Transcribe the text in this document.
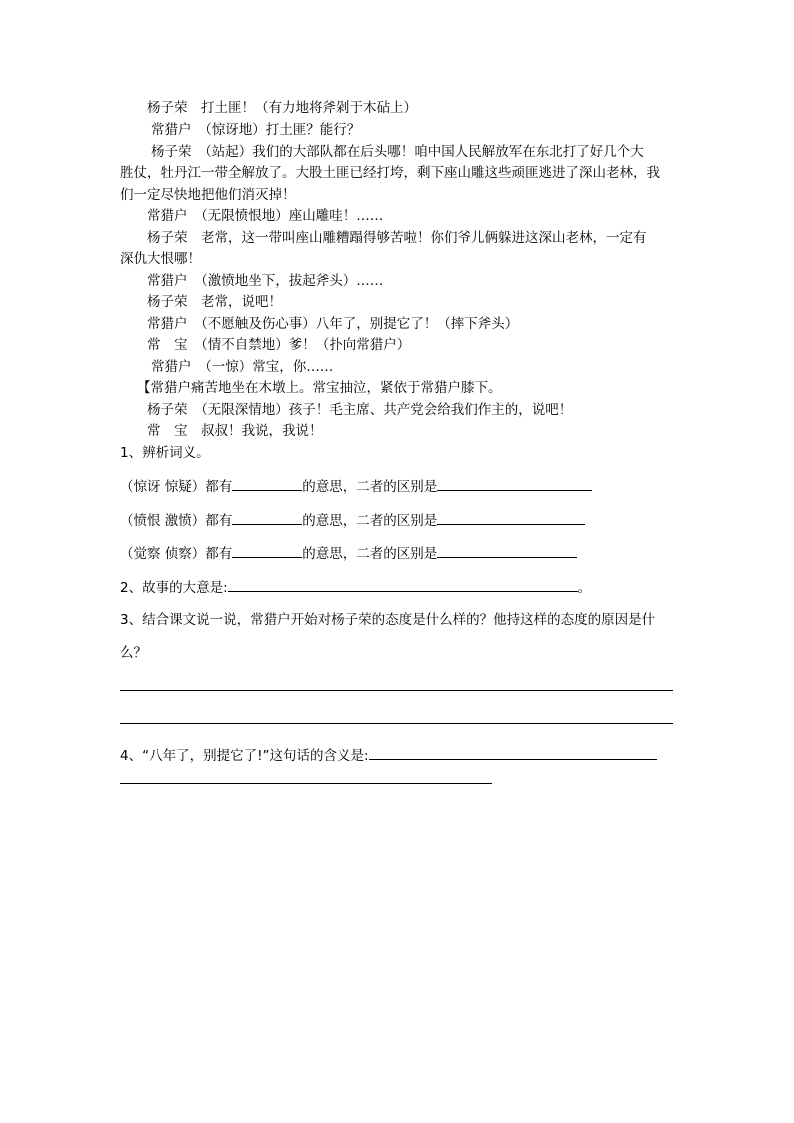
杨子荣　打土匪！（有力地将斧剁于木砧上）
常猎户　（惊讶地）打土匪？能行？
杨子荣　（站起）我们的大部队都在后头哪！咱中国人民解放军在东北打了好几个大
胜仗，牡丹江一带全解放了。大股土匪已经打垮，剩下座山雕这些顽匪逃进了深山老林，我
们一定尽快地把他们消灭掉！
常猎户　（无限愤恨地）座山雕哇！……
杨子荣　老常，这一带叫座山雕糟蹋得够苦啦！你们爷儿俩躲进这深山老林，一定有
深仇大恨哪！
常猎户　（激愤地坐下，拔起斧头）……
杨子荣　老常，说吧！
常猎户　（不愿触及伤心事）八年了，别提它了！（摔下斧头）
常　宝　（情不自禁地）爹！（扑向常猎户）
常猎户　（一惊）常宝，你……
【常猎户痛苦地坐在木墩上。常宝抽泣，紧依于常猎户膝下。
杨子荣　（无限深情地）孩子！毛主席、共产党会给我们作主的，说吧！
常　宝　叔叔！我说，我说！
1、辨析词义。
（惊讶 惊疑）都有	的意思，二者的区别是
（愤恨 激愤）都有	的意思，二者的区别是
（觉察 侦察）都有	的意思，二者的区别是
2、故事的大意是:	。
3、结合课文说一说，常猎户开始对杨子荣的态度是什么样的？他持这样的态度的原因是什
么？
4、“八年了，别提它了!”这句话的含义是:
